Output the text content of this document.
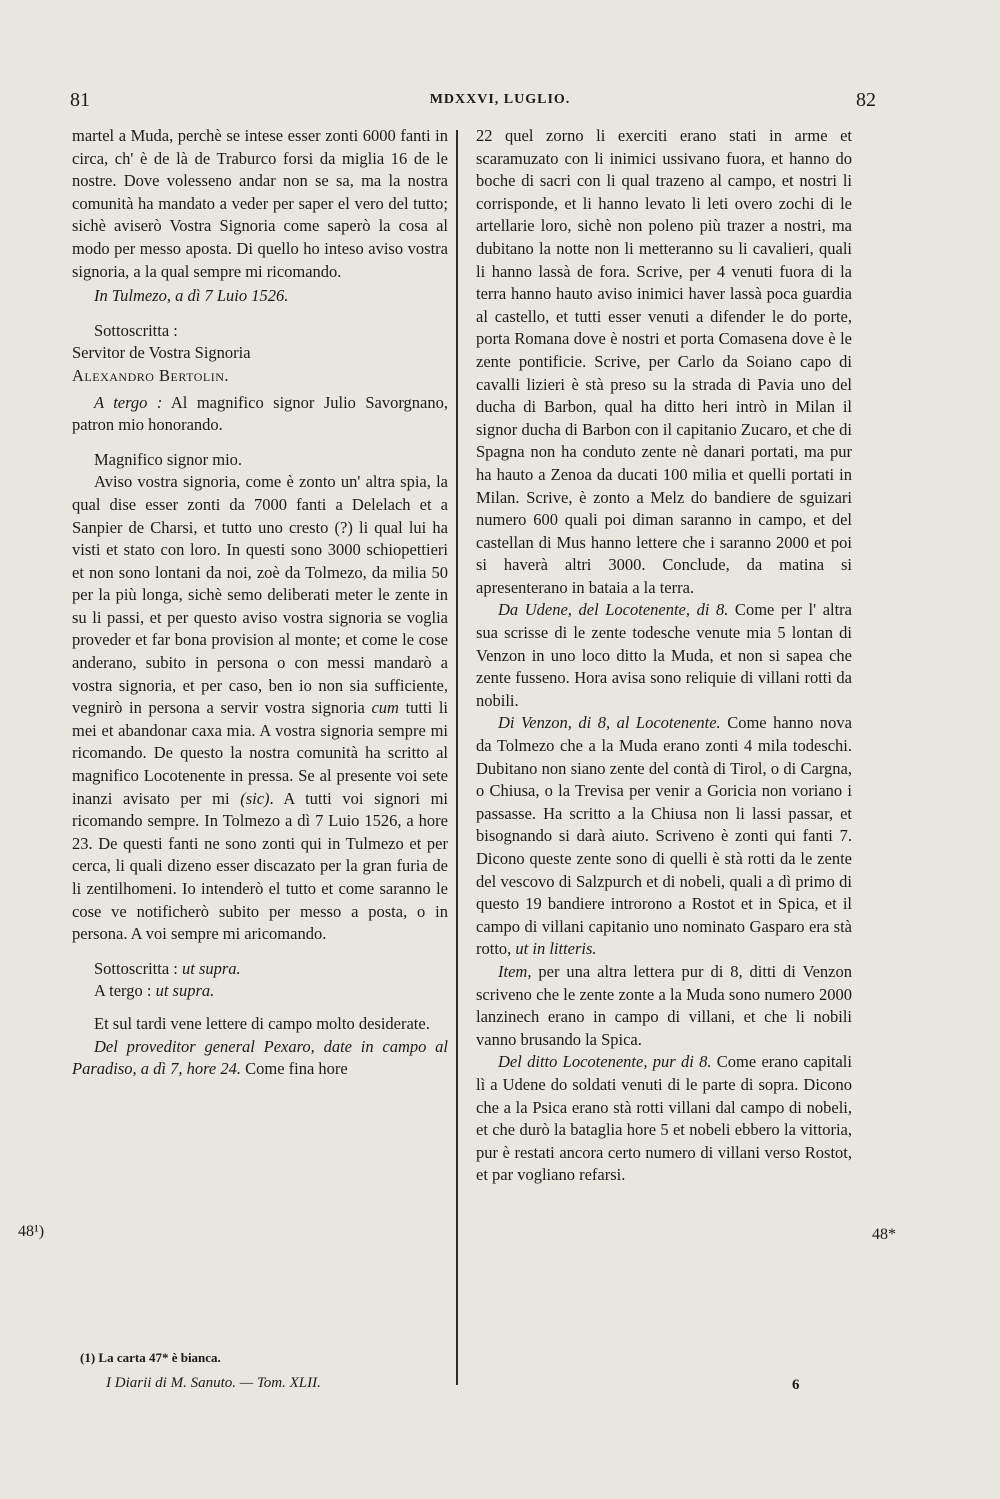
81	MDXXVI, LUGLIO.	82

martel a Muda, perchè se intese esser zonti 6000 fanti in circa, ch' è de là de Traburco forsi da miglia 16 de le nostre. Dove volesseno andar non se sa, ma la nostra comunità ha mandato a veder per saper el vero del tutto; sichè aviserò Vostra Signoria come saperò la cosa al modo per messo aposta. Di quello ho inteso aviso vostra signoria, a la qual sempre mi ricomando.

In Tulmezo, a dì 7 Luio 1526.

Sottoscritta :

Servitor de Vostra Signoria

Alexandro Bertolin.

A tergo : Al magnifico signor Julio Savorgnano, patron mio honorando.

Magnifico signor mio.

Aviso vostra signoria, come è zonto un' altra spia, la qual dise esser zonti da 7000 fanti a Delelach et a Sanpier de Charsi, et tutto uno cresto (?) li qual lui ha visti et stato con loro. In questi sono 3000 schiopettieri et non sono lontani da noi, zoè da Tolmezo, da milia 50 per la più longa, sichè semo deliberati meter le zente in su li passi, et per questo aviso vostra signoria se voglia proveder et far bona provision al monte; et come le cose anderano, subito in persona o con messi mandarò a vostra signoria, et per caso, ben io non sia sufficiente, vegnirò in persona a servir vostra signoria cum tutti li mei et abandonar caxa mia. A vostra signoria sempre mi ricomando. De questo la nostra comunità ha scritto al magnifico Locotenente in pressa. Se al presente voi sete inanzi avisato per mi (sic). A tutti voi signori mi ricomando sempre. In Tolmezo a dì 7 Luio 1526, a hore 23. De questi fanti ne sono zonti qui in Tulmezo et per cerca, li quali dizeno esser discazato per la gran furia de li zentilhomeni. Io intenderò el tutto et come saranno le cose ve notificherò subito per messo a posta, o in persona. A voi sempre mi aricomando.

Sottoscritta : ut supra.

A tergo : ut supra.

Et sul tardi vene lettere di campo molto desiderate.

Del proveditor general Pexaro, date in campo al Paradiso, a dì 7, hore 24. Come fina hore

22 quel zorno li exerciti erano stati in arme et scaramuzato con li inimici ussivano fuora, et hanno do boche di sacri con li qual trazeno al campo, et nostri li corrisponde, et li hanno levato li leti overo zochi di le artellarie loro, sichè non poleno più trazer a nostri, ma dubitano la notte non li metteranno su li cavalieri, quali li hanno lassà de fora. Scrive, per 4 venuti fuora di la terra hanno hauto aviso inimici haver lassà poca guardia al castello, et tutti esser venuti a difender le do porte, porta Romana dove è nostri et porta Comasena dove è le zente pontificie. Scrive, per Carlo da Soiano capo di cavalli lizieri è stà preso su la strada di Pavia uno del ducha di Barbon, qual ha ditto heri intrò in Milan il signor ducha di Barbon con il capitanio Zucaro, et che di Spagna non ha conduto zente nè danari portati, ma pur ha hauto a Zenoa da ducati 100 milia et quelli portati in Milan. Scrive, è zonto a Melz do bandiere de sguizari numero 600 quali poi diman saranno in campo, et del castellan di Mus hanno lettere che i saranno 2000 et poi si haverà altri 3000. Conclude, da matina si apresenterano in bataia a la terra.

Da Udene, del Locotenente, di 8. Come per l' altra sua scrisse di le zente todesche venute mia 5 lontan di Venzon in uno loco ditto la Muda, et non si sapea che zente fusseno. Hora avisa sono reliquie di villani rotti da nobili.

Di Venzon, di 8, al Locotenente. Come hanno nova da Tolmezo che a la Muda erano zonti 4 mila todeschi. Dubitano non siano zente del contà di Tirol, o di Cargna, o Chiusa, o la Trevisa per venir a Goricia non voriano i passasse. Ha scritto a la Chiusa non li lassi passar, et bisognando si darà aiuto. Scriveno è zonti qui fanti 7. Dicono queste zente sono di quelli è stà rotti da le zente del vescovo di Salzpurch et di nobeli, quali a dì primo di questo 19 bandiere introrono a Rostot et in Spica, et il campo di villani capitanio uno nominato Gasparo era stà rotto, ut in litteris.

Item, per una altra lettera pur di 8, ditti di Venzon scriveno che le zente zonte a la Muda sono numero 2000 lanzinech erano in campo di villani, et che li nobili vanno brusando la Spica.

Del ditto Locotenente, pur di 8. Come erano capitali lì a Udene do soldati venuti di le parte di sopra. Dicono che a la Psica erano stà rotti villani dal campo di nobeli, et che durò la bataglia hore 5 et nobeli ebbero la vittoria, pur è restati ancora certo numero di villani verso Rostot, et par vogliano refarsi.

48¹)	48*
(1) La carta 47* è bianca.
I Diarii di M. Sanuto. — Tom. XLII.	6
